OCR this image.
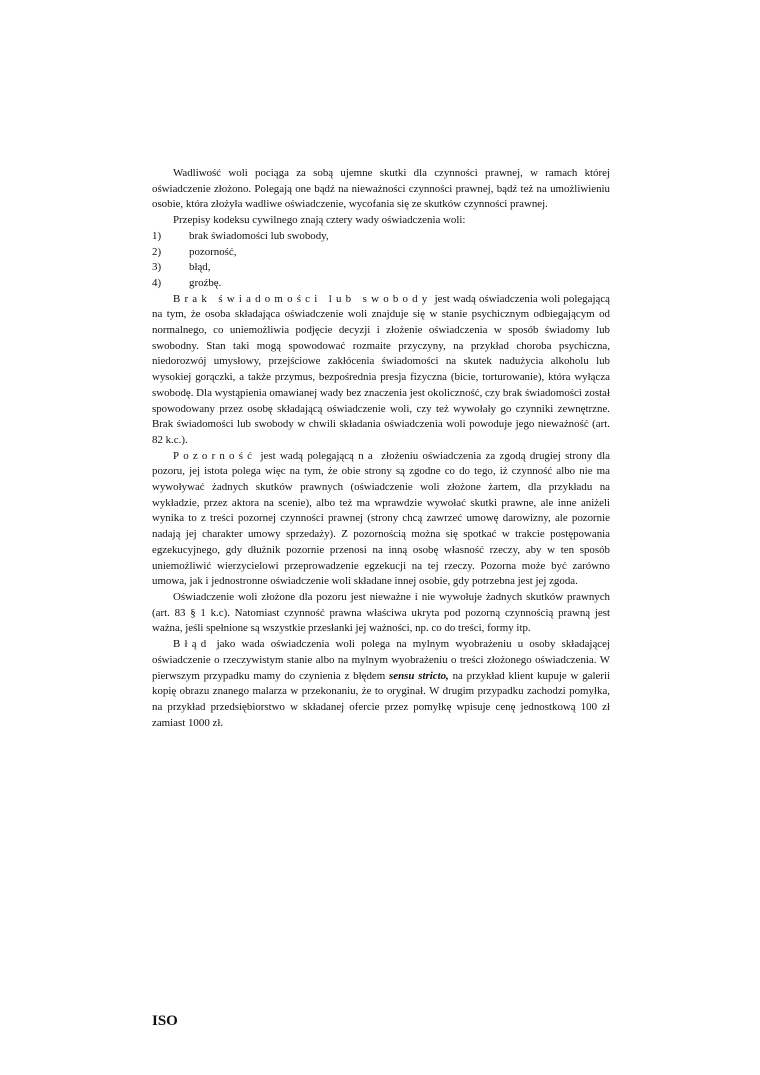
Wadliwość woli pociąga za sobą ujemne skutki dla czynności prawnej, w ramach której oświadczenie złożono. Polegają one bądź na nieważności czynności prawnej, bądź też na umożliwieniu osobie, która złożyła wadliwe oświadczenie, wycofania się ze skutków czynności prawnej.

Przepisy kodeksu cywilnego znają cztery wady oświadczenia woli:

1)	brak świadomości lub swobody,
2)	pozorność,
3)	błąd,
4)	groźbę.

Brak świadomości lub swobody jest wadą oświadczenia woli polegającą na tym, że osoba składająca oświadczenie woli znajduje się w stanie psychicznym odbiegającym od normalnego, co uniemożliwia podjęcie decyzji i złożenie oświadczenia w sposób świadomy lub swobodny. Stan taki mogą spowodować rozmaite przyczyny, na przykład choroba psychiczna, niedorozwój umysłowy, przejściowe zakłócenia świadomości na skutek nadużycia alkoholu lub wysokiej gorączki, a także przymus, bezpośrednia presja fizyczna (bicie, torturowanie), która wyłącza swobodę. Dla wystąpienia omawianej wady bez znaczenia jest okoliczność, czy brak świadomości został spowodowany przez osobę składającą oświadczenie woli, czy też wywołały go czynniki zewnętrzne. Brak świadomości lub swobody w chwili składania oświadczenia woli powoduje jego nieważność (art. 82 k.c.).

Pozorność jest wadą polegającą na złożeniu oświadczenia za zgodą drugiej strony dla pozoru, jej istota polega więc na tym, że obie strony są zgodne co do tego, iż czynność albo nie ma wywoływać żadnych skutków prawnych (oświadczenie woli złożone żartem, dla przykładu na wykładzie, przez aktora na scenie), albo też ma wprawdzie wywołać skutki prawne, ale inne aniżeli wynika to z treści pozornej czynności prawnej (strony chcą zawrzeć umowę darowizny, ale pozornie nadają jej charakter umowy sprzedaży). Z pozornością można się spotkać w trakcie postępowania egzekucyjnego, gdy dłużnik pozornie przenosi na inną osobę własność rzeczy, aby w ten sposób uniemożliwić wierzycielowi przeprowadzenie egzekucji na tej rzeczy. Pozorna może być zarówno umowa, jak i jednostronne oświadczenie woli składane innej osobie, gdy potrzebna jest jej zgoda.

Oświadczenie woli złożone dla pozoru jest nieważne i nie wywołuje żadnych skutków prawnych (art. 83 § 1 k.c). Natomiast czynność prawna właściwa ukryta pod pozorną czynnością prawną jest ważna, jeśli spełnione są wszystkie przesłanki jej ważności, np. co do treści, formy itp.

Błąd jako wada oświadczenia woli polega na mylnym wyobrażeniu u osoby składającej oświadczenie o rzeczywistym stanie albo na mylnym wyobrażeniu o treści złożonego oświadczenia. W pierwszym przypadku mamy do czynienia z błędem sensu stricto, na przykład klient kupuje w galerii kopię obrazu znanego malarza w przekonaniu, że to oryginał. W drugim przypadku zachodzi pomyłka, na przykład przedsiębiorstwo w składanej ofercie przez pomyłkę wpisuje cenę jednostkową 100 zł zamiast 1000 zł.

ISO
